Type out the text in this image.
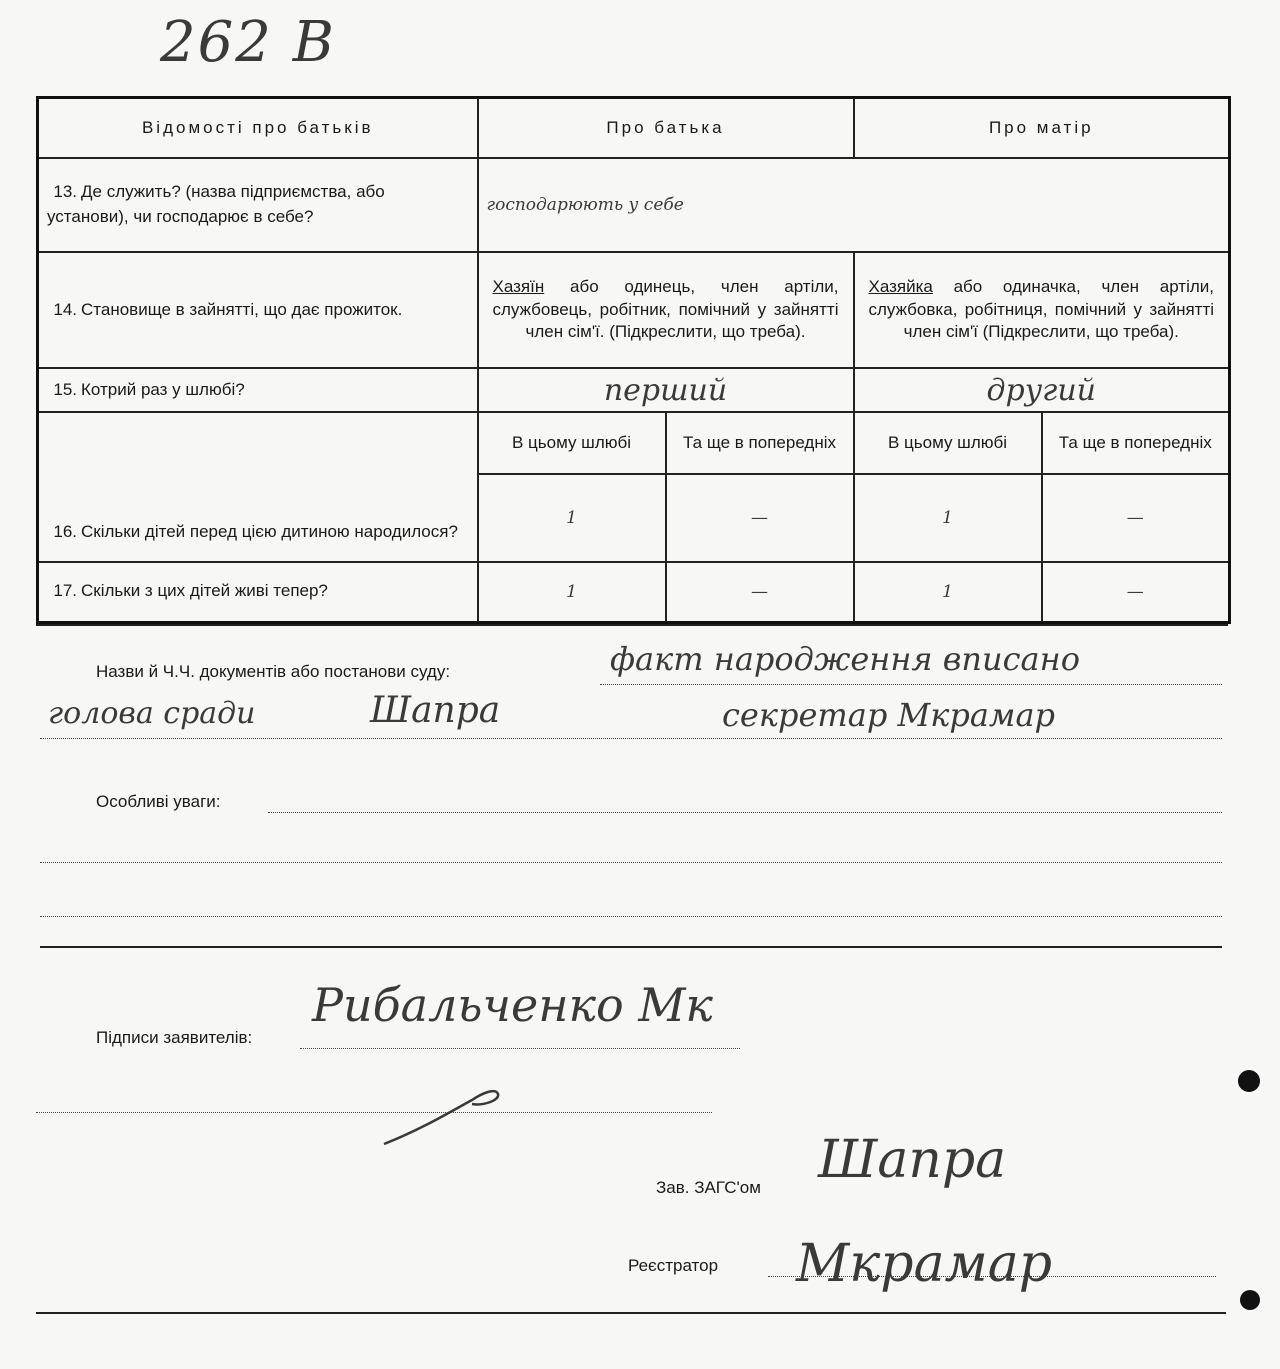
262 В
Відомості про батьків	Про батька		Про матір	
13. Де служить? (назва підприємства, або установи), чи господарює в себе?	господарюють у себе			
14. Становище в зайнятті, що дає прожиток.	Хазяїн або одинець, член артіли, службовець, робітник, помічний у зайнятті член сім'ї. (Підкреслити, що треба).		Хазяйка або одиначка, член артіли, службовка, робітниця, помічний у зайнятті член сім'ї (Підкреслити, що треба).	
15. Котрий раз у шлюбі?	перший		другий	
16. Скільки дітей перед цією дитиною народилося?	В цьому шлюбі	Та ще в попередніх	В цьому шлюбі	Та ще в попередніх
	1	—	1	—
17. Скільки з цих дітей живі тепер?	1	—	1	—
Назви й Ч.Ч. документів або постанови суду:	факт народження вписано
голова сради	Шапра	секретар Мкрамар
Особливі уваги:
Підписи заявителів:
Рибальченко Мк
Зав. ЗАГС'ом Шапра
Реєстратор Мкрамар
